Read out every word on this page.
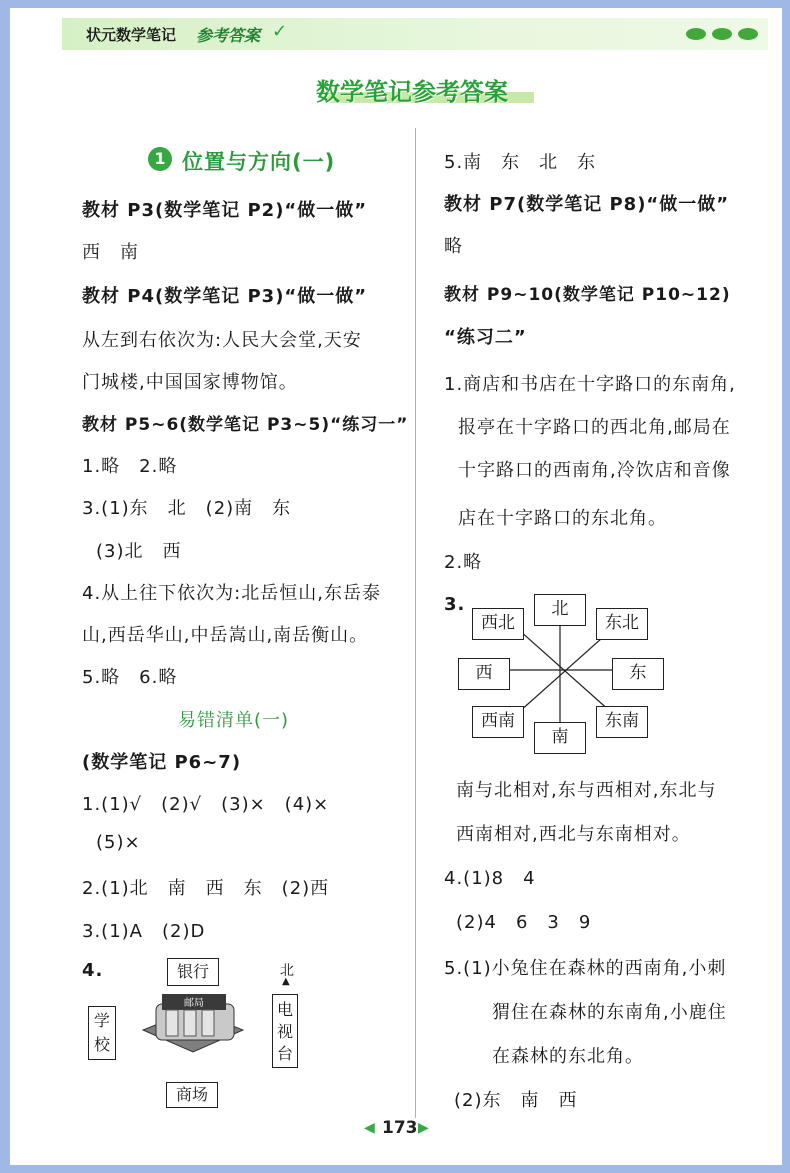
状元数学笔记 参考答案 ✓
数学笔记参考答案
1 位置与方向(一)
教材 P3(数学笔记 P2)“做一做”
西　南
教材 P4(数学笔记 P3)“做一做”
从左到右依次为:人民大会堂,天安
门城楼,中国国家博物馆。
教材 P5~6(数学笔记 P3~5)“练习一”
1.略　2.略
3.(1)东　北　(2)南　东
(3)北　西
4.从上往下依次为:北岳恒山,东岳泰
山,西岳华山,中岳嵩山,南岳衡山。
5.略　6.略
易错清单(一)
(数学笔记 P6~7)
1.(1)√　(2)√　(3)×　(4)×
(5)×
2.(1)北　南　西　东　(2)西
3.(1)A　(2)D
4.	银行	北
▲
学校
电视台
商场
邮局
5.南　东　北　东
教材 P7(数学笔记 P8)“做一做”
略
教材 P9~10(数学笔记 P10~12)
“练习二”
1.商店和书店在十字路口的东南角,
报亭在十字路口的西北角,邮局在
十字路口的西南角,冷饮店和音像
店在十字路口的东北角。
2.略
3.	北
东北
东
东南
南
西南
西
西北
南与北相对,东与西相对,东北与
西南相对,西北与东南相对。
4.(1)8　4
(2)4　6　3　9
5.(1)小兔住在森林的西南角,小刺
猬住在森林的东南角,小鹿住
在森林的东北角。
(2)东　南　西
◀ 173 ▶
